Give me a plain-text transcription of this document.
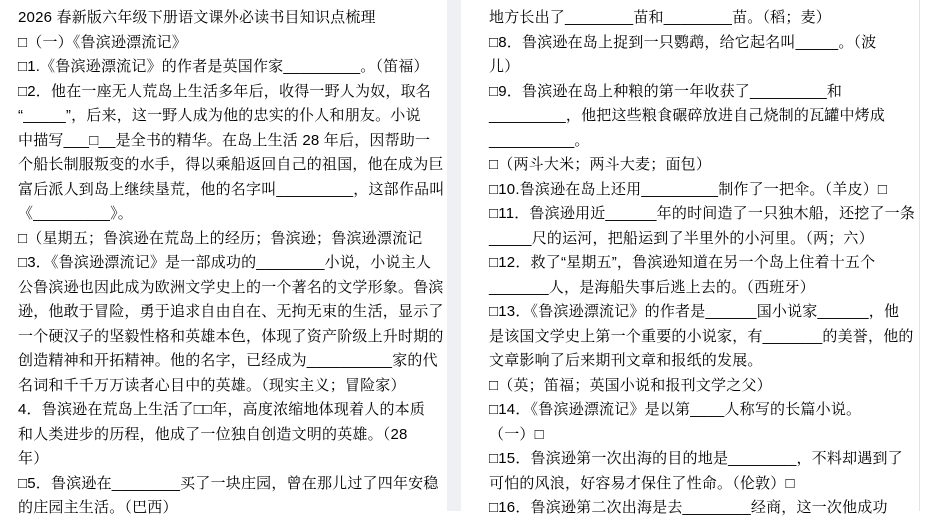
2026 春新版六年级下册语文课外必读书目知识点梳理
□（一）《鲁滨逊漂流记》
□1.《鲁滨逊漂流记》的作者是英国作家_________。（笛福）
□2．他在一座无人荒岛上生活多年后，收得一野人为奴，取名
“_____”，后来，这一野人成为他的忠实的仆人和朋友。小说
中描写___□__是全书的精华。在岛上生活 28 年后，因帮助一
个船长制服叛变的水手，得以乘船返回自己的祖国，他在成为巨
富后派人到岛上继续垦荒，他的名字叫_________，这部作品叫
《_________》。
□（星期五；鲁滨逊在荒岛上的经历；鲁滨逊；鲁滨逊漂流记
□3．《鲁滨逊漂流记》是一部成功的________小说，小说主人
公鲁滨逊也因此成为欧洲文学史上的一个著名的文学形象。鲁滨
逊，他敢于冒险，勇于追求自由自在、无拘无束的生活，显示了
一个硬汉子的坚毅性格和英雄本色，体现了资产阶级上升时期的
创造精神和开拓精神。他的名字，已经成为__________家的代
名词和千千万万读者心目中的英雄。（现实主义；冒险家）
4．鲁滨逊在荒岛上生活了□□年，高度浓缩地体现着人的本质
和人类进步的历程，他成了一位独自创造文明的英雄。（28
年）
□5．鲁滨逊在________买了一块庄园，曾在那儿过了四年安稳
的庄园主生活。（巴西）
地方长出了________苗和________苗。（稻；麦）
□8．鲁滨逊在岛上捉到一只鹦鹉，给它起名叫_____。（波
儿）
□9．鲁滨逊在岛上种粮的第一年收获了_________和
_________，他把这些粮食碾碎放进自己烧制的瓦罐中烤成
__________。
□（两斗大米；两斗大麦；面包）
□10.鲁滨逊在岛上还用_________制作了一把伞。（羊皮）□
□11．鲁滨逊用近______年的时间造了一只独木船，还挖了一条
_____尺的运河，把船运到了半里外的小河里。（两；六）
□12．救了“星期五”，鲁滨逊知道在另一个岛上住着十五个
_______人，是海船失事后逃上去的。（西班牙）
□13．《鲁滨逊漂流记》的作者是______国小说家______，他
是该国文学史上第一个重要的小说家，有_______的美誉，他的
文章影响了后来期刊文章和报纸的发展。
□（英；笛福；英国小说和报刊文学之父）
□14．《鲁滨逊漂流记》是以第____人称写的长篇小说。
（一）□
□15．鲁滨逊第一次出海的目的地是________，不料却遇到了
可怕的风浪，好容易才保住了性命。（伦敦）□
□16．鲁滨逊第二次出海是去________经商，这一次他成功
